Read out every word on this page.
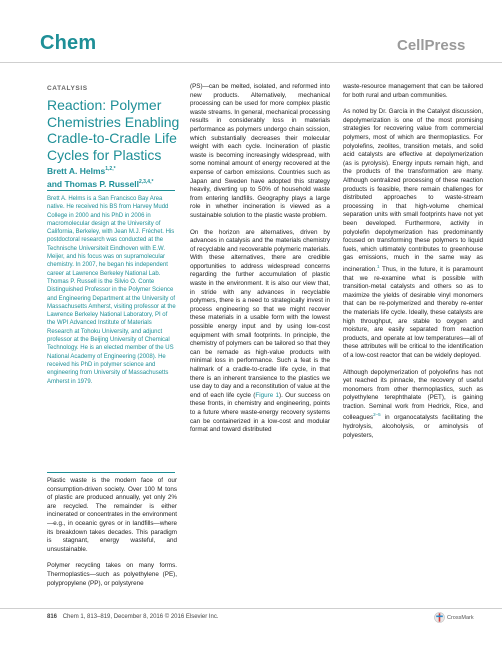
Chem	CellPress
CATALYSIS
Reaction: Polymer Chemistries Enabling Cradle-to-Cradle Life Cycles for Plastics
Brett A. Helms$^{1,2,*}$
and Thomas P. Russell$^{2,3,4,*}$

Brett A. Helms is a San Francisco Bay Area native. He received his BS from Harvey Mudd College in 2000 and his PhD in 2006 in macromolecular design at the University of California, Berkeley, with Jean M.J. Fréchet. His postdoctoral research was conducted at the Technische Universiteit Eindhoven with E.W. Meijer, and his focus was on supramolecular chemistry. In 2007, he began his independent career at Lawrence Berkeley National Lab.

Thomas P. Russell is the Silvio O. Conte Distinguished Professor in the Polymer Science and Engineering Department at the University of Massachusetts Amherst, visiting professor at the Lawrence Berkeley National Laboratory, PI of the WPI Advanced Institute of Materials Research at Tohoku University, and adjunct professor at the Beijing University of Chemical Technology. He is an elected member of the US National Academy of Engineering (2008). He received his PhD in polymer science and engineering from University of Massachusetts Amherst in 1979.

Plastic waste is the modern face of our consumption-driven society. Over 100 M tons of plastic are produced annually, yet only 2% are recycled. The remainder is either incinerated or concentrates in the environment—e.g., in oceanic gyres or in landfills—where its breakdown takes decades. This paradigm is stagnant, energy wasteful, and unsustainable.

Polymer recycling takes on many forms. Thermoplastics—such as polyethylene (PE), polypropylene (PP), or polystyrene

(PS)—can be melted, isolated, and reformed into new products. Alternatively, mechanical processing can be used for more complex plastic waste streams. In general, mechanical processing results in considerably loss in materials performance as polymers undergo chain scission, which substantially decreases their molecular weight with each cycle. Incineration of plastic waste is becoming increasingly widespread, with some nominal amount of energy recovered at the expense of carbon emissions. Countries such as Japan and Sweden have adopted this strategy heavily, diverting up to 50% of household waste from entering landfills. Geography plays a large role in whether incineration is viewed as a sustainable solution to the plastic waste problem.

On the horizon are alternatives, driven by advances in catalysis and the materials chemistry of recyclable and recoverable polymeric materials. With these alternatives, there are credible opportunities to address widespread concerns regarding the further accumulation of plastic waste in the environment. It is also our view that, in stride with any advances in recyclable polymers, there is a need to strategically invest in process engineering so that we might recover these materials in a usable form with the lowest possible energy input and by using low-cost equipment with small footprints. In principle, the chemistry of polymers can be tailored so that they can be remade as high-value products with minimal loss in performance. Such a feat is the hallmark of a cradle-to-cradle life cycle, in that there is an inherent transience to the plastics we use day to day and a reconstitution of value at the end of each life cycle (Figure 1). Our success on these fronts, in chemistry and engineering, points to a future where waste-energy recovery systems can be containerized in a low-cost and modular format and toward distributed

waste-resource management that can be tailored for both rural and urban communities.

As noted by Dr. García in the Catalyst discussion, depolymerization is one of the most promising strategies for recovering value from commercial polymers, most of which are thermoplastics. For polyolefins, zeolites, transition metals, and solid acid catalysts are effective at depolymerization (as is pyrolysis). Energy inputs remain high, and the products of the transformation are many. Although centralized processing of these reaction products is feasible, there remain challenges for distributed approaches to waste-stream processing in that high-volume chemical separation units with small footprints have not yet been developed. Furthermore, activity in polyolefin depolymerization has predominantly focused on transforming these polymers to liquid fuels, which ultimately contributes to greenhouse gas emissions, much in the same way as incineration.$^1$ Thus, in the future, it is paramount that we re-examine what is possible with transition-metal catalysts and others so as to maximize the yields of desirable vinyl monomers that can be re-polymerized and thereby re-enter the materials life cycle. Ideally, these catalysts are high throughput, are stable to oxygen and moisture, are easily separated from reaction products, and operate at low temperatures—all of these attributes will be critical to the identification of a low-cost reactor that can be widely deployed.

Although depolymerization of polyolefins has not yet reached its pinnacle, the recovery of useful monomers from other thermoplastics, such as polyethylene terephthalate (PET), is gaining traction. Seminal work from Hedrick, Rice, and colleagues$^{2-5}$ in organocatalysts facilitating the hydrolysis, alcoholysis, or aminolysis of polyesters,

816 Chem 1, 813–819, December 8, 2016 © 2016 Elsevier Inc.	CrossMark
